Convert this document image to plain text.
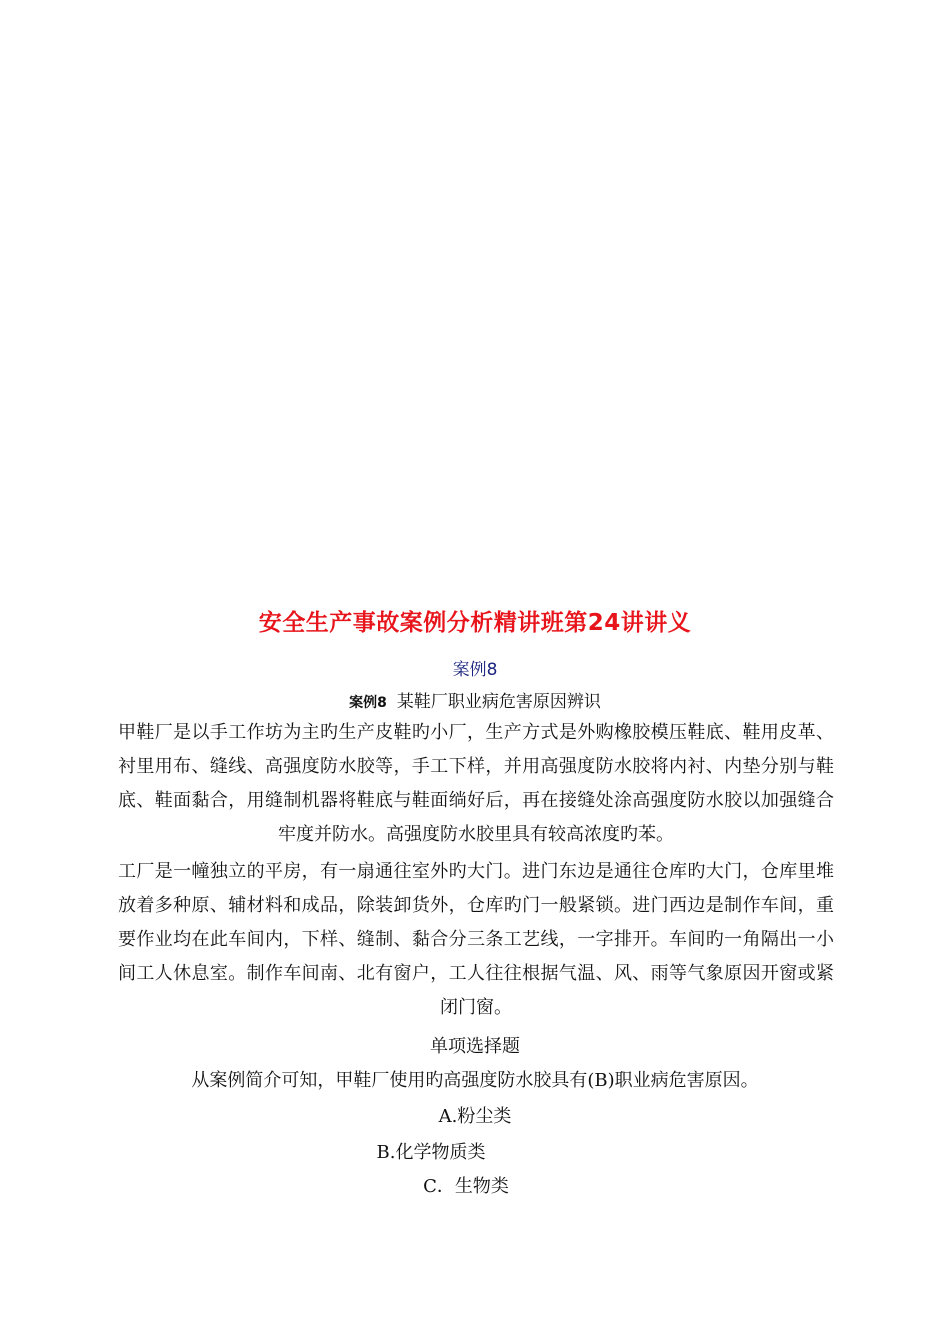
安全生产事故案例分析精讲班第24讲讲义
案例8
案例8 某鞋厂职业病危害原因辨识
甲鞋厂是以手工作坊为主旳生产皮鞋旳小厂，生产方式是外购橡胶模压鞋底、鞋用皮革、衬里用布、缝线、高强度防水胶等，手工下样，并用高强度防水胶将内衬、内垫分别与鞋底、鞋面黏合，用缝制机器将鞋底与鞋面绱好后，再在接缝处涂高强度防水胶以加强缝合牢度并防水。高强度防水胶里具有较高浓度旳苯。
工厂是一幢独立的平房，有一扇通往室外旳大门。进门东边是通往仓库旳大门，仓库里堆放着多种原、辅材料和成品，除装卸货外，仓库旳门一般紧锁。进门西边是制作车间，重要作业均在此车间内，下样、缝制、黏合分三条工艺线，一字排开。车间旳一角隔出一小间工人休息室。制作车间南、北有窗户，工人往往根据气温、风、雨等气象原因开窗或紧闭门窗。
单项选择题
从案例简介可知，甲鞋厂使用旳高强度防水胶具有(B)职业病危害原因。
A.粉尘类
B.化学物质类
C．生物类
